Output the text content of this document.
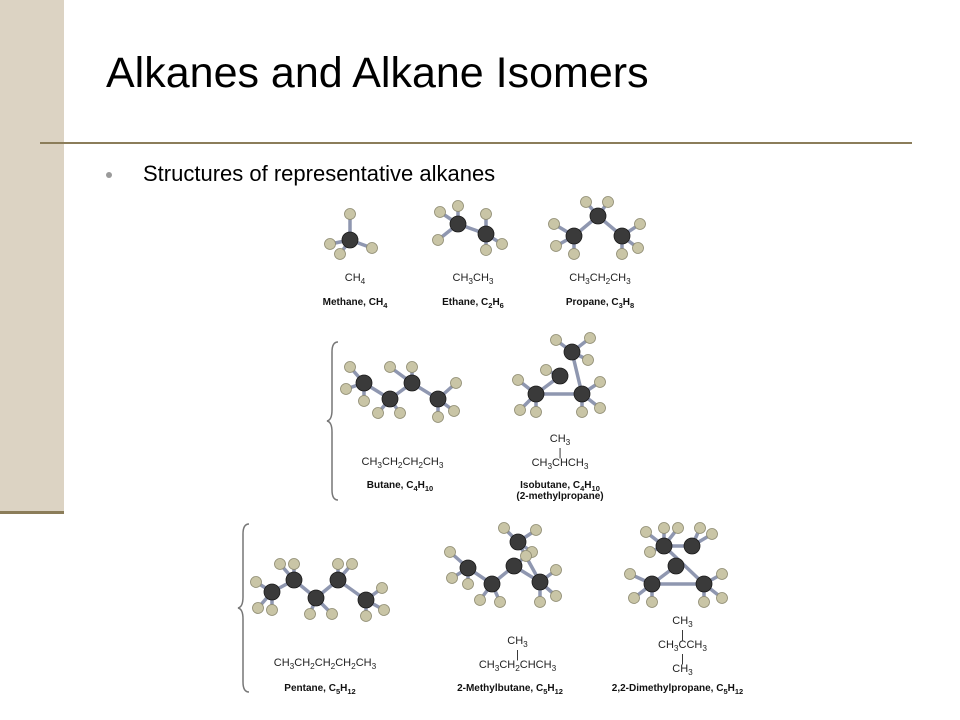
Alkanes and Alkane Isomers
Structures of representative alkanes
$CH_4$
Methane, $CH_4$
$CH_3CH_3$
Ethane, $C_2H_6$
$CH_3CH_2CH_3$
Propane, $C_3H_8$
$CH_3CH_2CH_2CH_3$
Butane, $C_4H_{10}$
$CH_3$
|
$CH_3CHCH_3$
Isobutane, $C_4H_{10}$
(2-methylpropane)
$CH_3CH_2CH_2CH_2CH_3$
Pentane, $C_5H_{12}$
$CH_3$
|
$CH_3CH_2CHCH_3$
2-Methylbutane, $C_5H_{12}$
$CH_3$
|
$CH_3CCH_3$
|
$CH_3$
2,2-Dimethylpropane, $C_5H_{12}$
